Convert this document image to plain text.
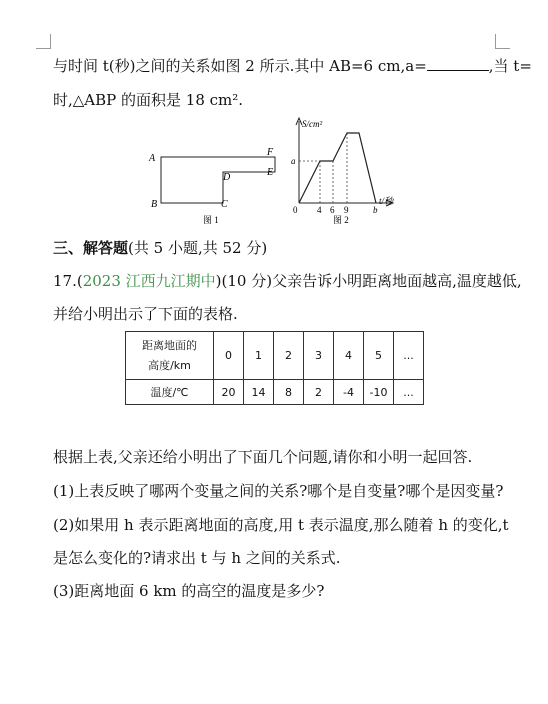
与时间 t(秒)之间的关系如图 2 所示.其中 AB=6 cm,a=	,当 t=
时,△ABP 的面积是 18 cm².
A
B	C
D	E
F
图 1
S/cm²
t/秒
a
0 4 6 9	b
图 2
三、解答题(共 5 小题,共 52 分)
17.(2023 江西九江期中)(10 分)父亲告诉小明距离地面越高,温度越低,
并给小明出示了下面的表格.
距离地面的
高度/km	0	1	2	3	4	5	...
温度/℃	20	14	8	2	-4	-10	...
根据上表,父亲还给小明出了下面几个问题,请你和小明一起回答.
(1)上表反映了哪两个变量之间的关系?哪个是自变量?哪个是因变量?
(2)如果用 h 表示距离地面的高度,用 t 表示温度,那么随着 h 的变化,t
是怎么变化的?请求出 t 与 h 之间的关系式.
(3)距离地面 6 km 的高空的温度是多少?
